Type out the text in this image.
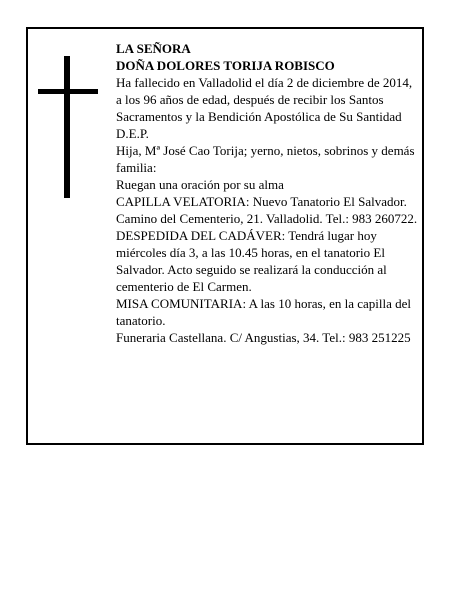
LA SEÑORA

DOÑA DOLORES TORIJA ROBISCO

Ha fallecido en Valladolid el día 2 de diciembre de 2014, a los 96 años de edad, después de recibir los Santos Sacramentos y la Bendición Apostólica de Su Santidad

D.E.P.

Hija, Mª José Cao Torija; yerno, nietos, sobrinos y demás familia:

Ruegan una oración por su alma

CAPILLA VELATORIA: Nuevo Tanatorio El Salvador. Camino del Cementerio, 21. Valladolid. Tel.: 983 260722.

DESPEDIDA DEL CADÁVER: Tendrá lugar hoy miércoles día 3, a las 10.45 horas, en el tanatorio El Salvador. Acto seguido se realizará la conducción al cementerio de El Carmen.

MISA COMUNITARIA: A las 10 horas, en la capilla del tanatorio.

Funeraria Castellana. C/ Angustias, 34. Tel.: 983 251225
